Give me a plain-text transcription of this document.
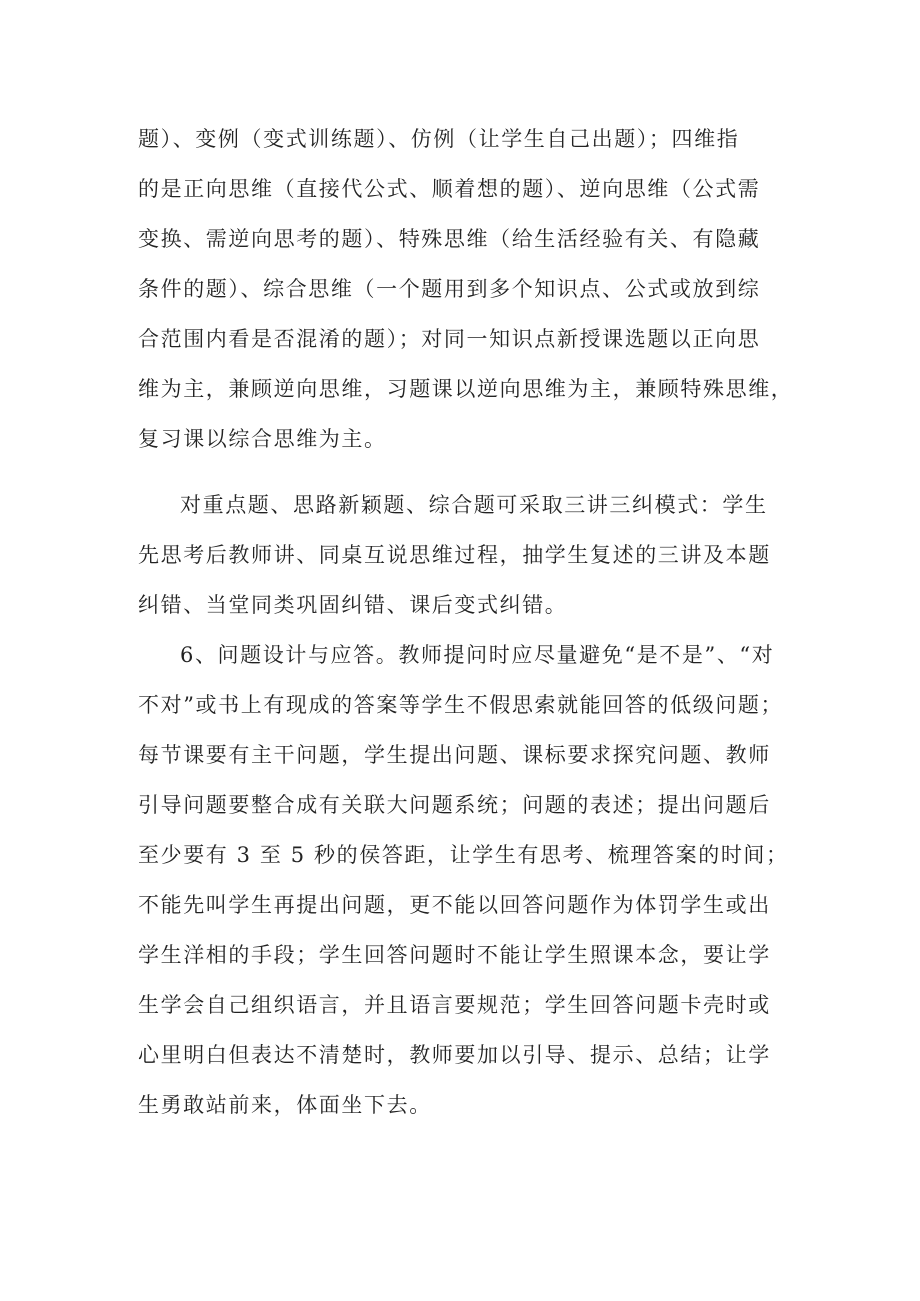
题）、变例（变式训练题）、仿例（让学生自己出题）；四维指
的是正向思维（直接代公式、顺着想的题）、逆向思维（公式需
变换、需逆向思考的题）、特殊思维（给生活经验有关、有隐藏
条件的题）、综合思维（一个题用到多个知识点、公式或放到综
合范围内看是否混淆的题）；对同一知识点新授课选题以正向思
维为主，兼顾逆向思维，习题课以逆向思维为主，兼顾特殊思维，
复习课以综合思维为主。
对重点题、思路新颖题、综合题可采取三讲三纠模式：学生
先思考后教师讲、同桌互说思维过程，抽学生复述的三讲及本题
纠错、当堂同类巩固纠错、课后变式纠错。
6、问题设计与应答。教师提问时应尽量避免“是不是”、“对
不对”或书上有现成的答案等学生不假思索就能回答的低级问题；
每节课要有主干问题，学生提出问题、课标要求探究问题、教师
引导问题要整合成有关联大问题系统；问题的表述；提出问题后
至少要有 3 至 5 秒的侯答距，让学生有思考、梳理答案的时间；
不能先叫学生再提出问题，更不能以回答问题作为体罚学生或出
学生洋相的手段；学生回答问题时不能让学生照课本念，要让学
生学会自己组织语言，并且语言要规范；学生回答问题卡壳时或
心里明白但表达不清楚时，教师要加以引导、提示、总结；让学
生勇敢站前来，体面坐下去。
